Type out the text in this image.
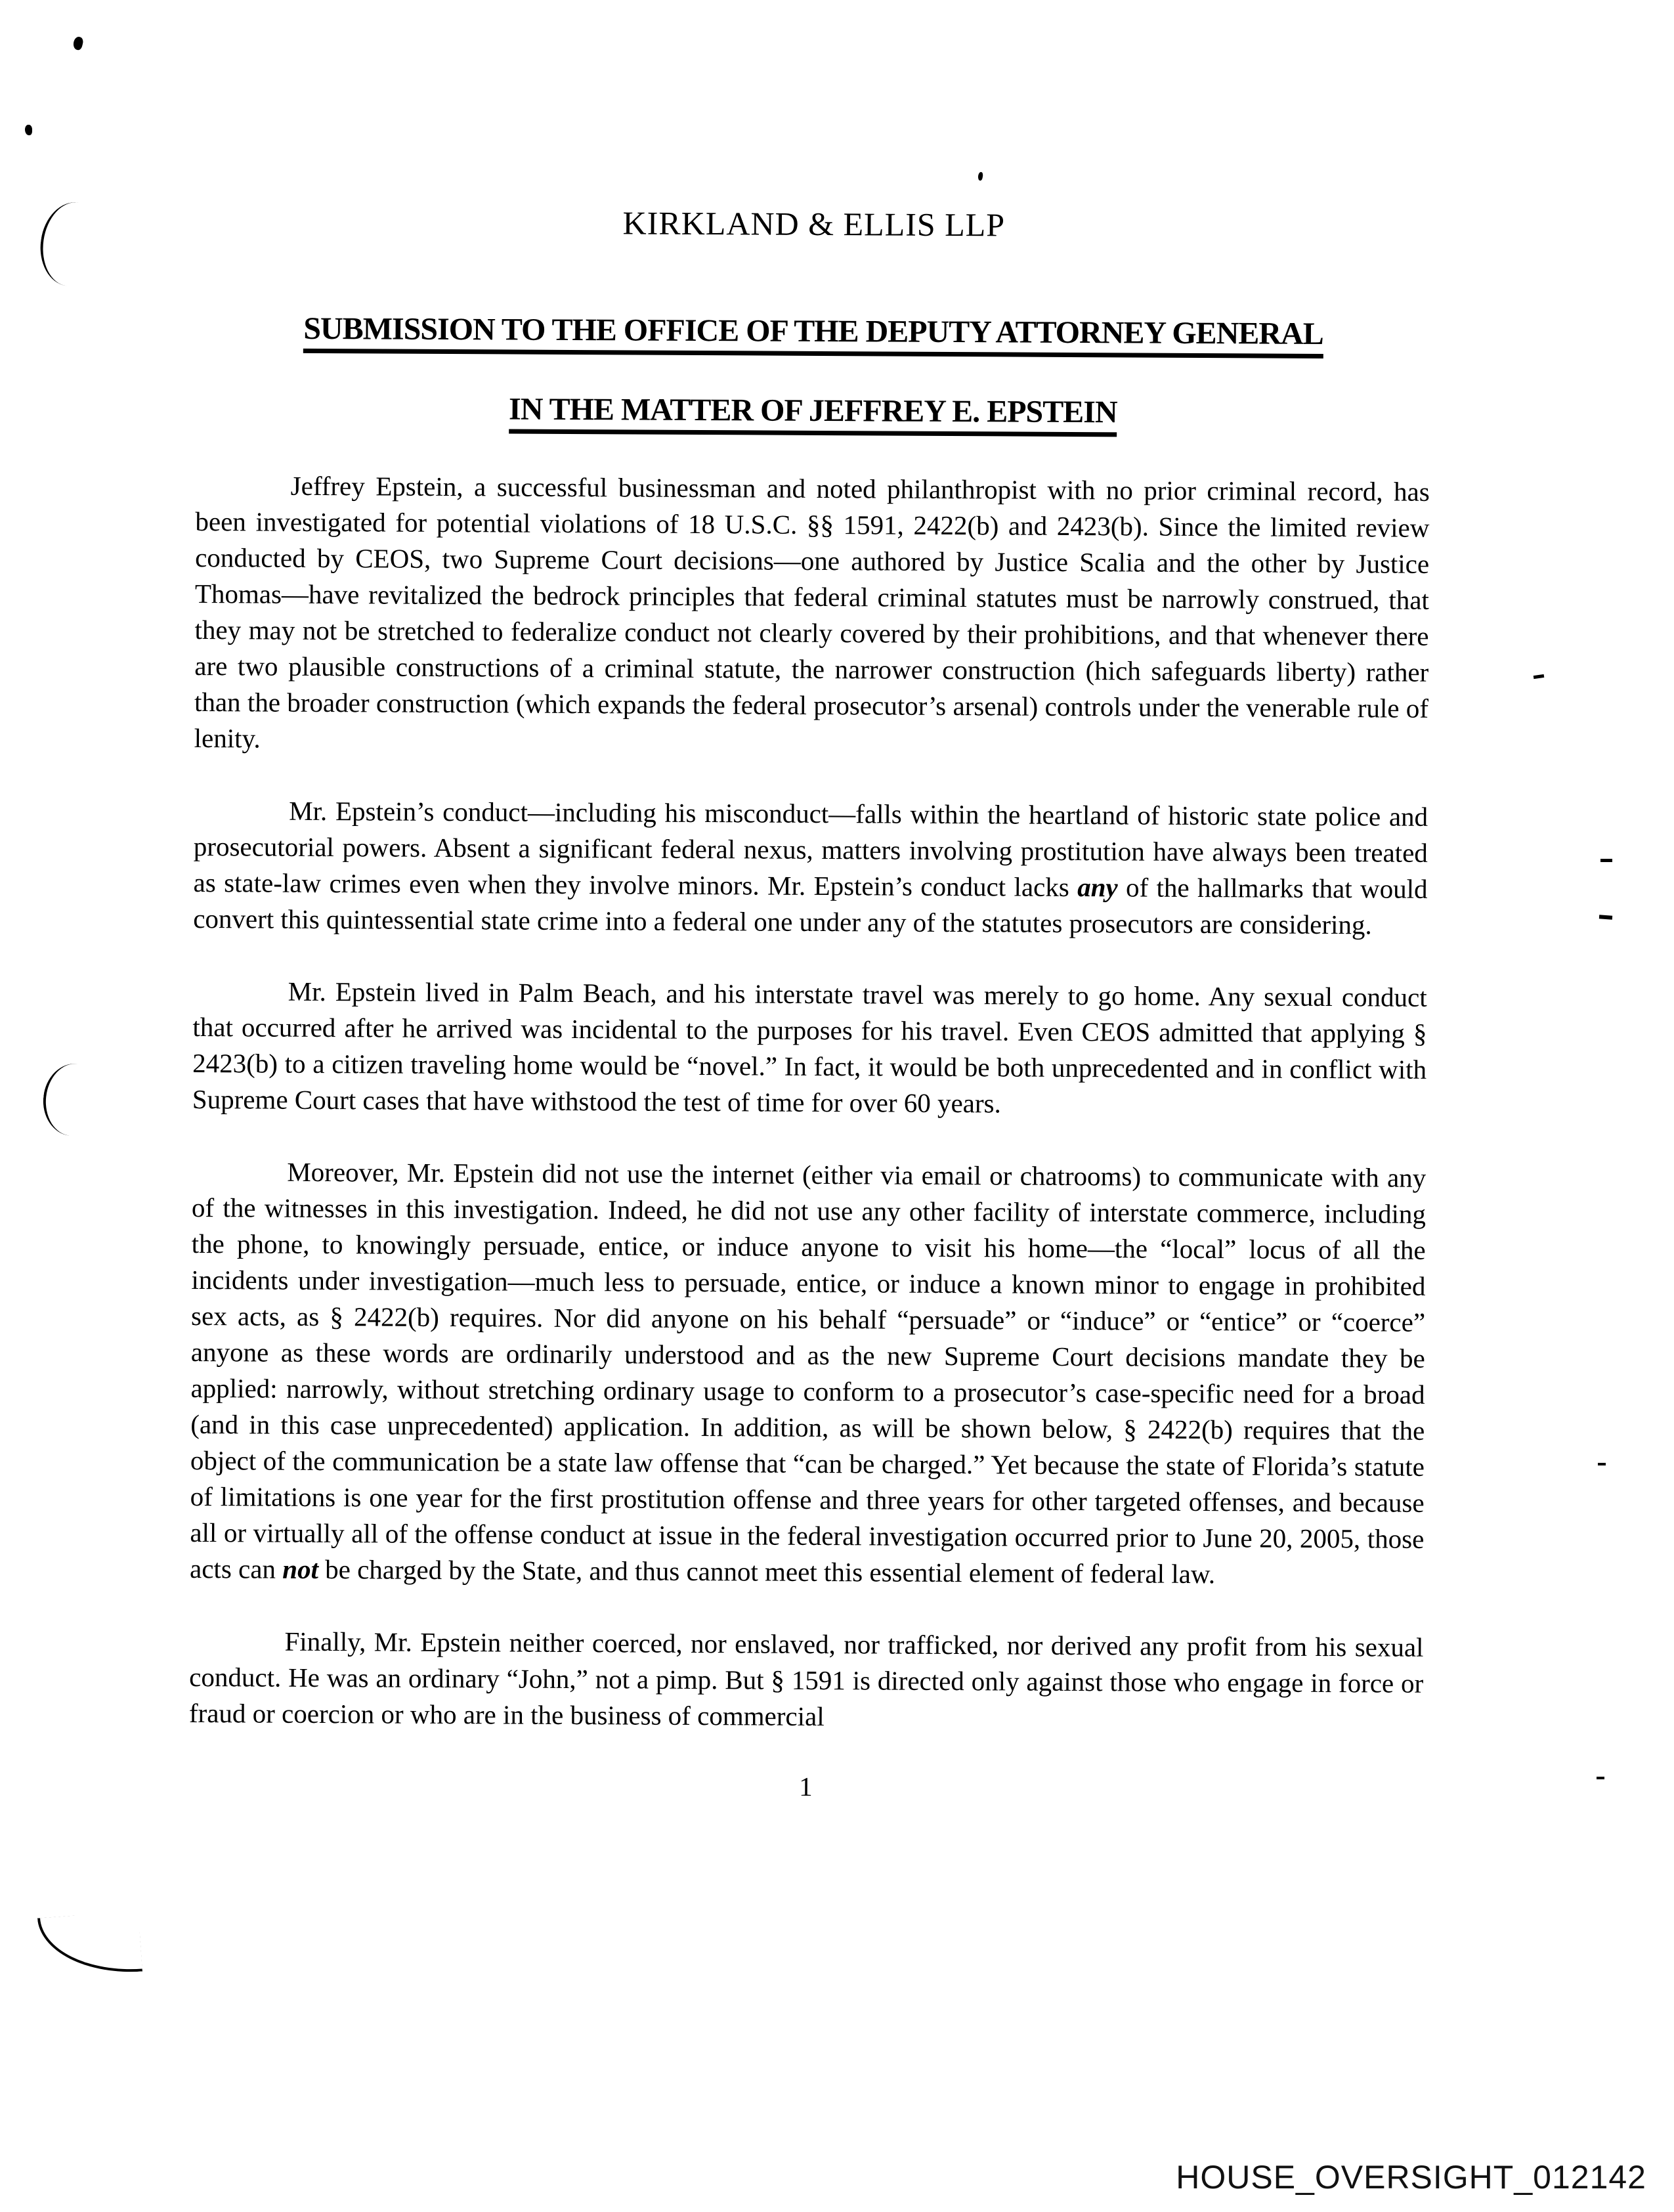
KIRKLAND & ELLIS LLP
SUBMISSION TO THE OFFICE OF THE DEPUTY ATTORNEY GENERAL
IN THE MATTER OF JEFFREY E. EPSTEIN

Jeffrey Epstein, a successful businessman and noted philanthropist with no prior criminal record, has been investigated for potential violations of 18 U.S.C. §§ 1591, 2422(b) and 2423(b). Since the limited review conducted by CEOS, two Supreme Court decisions—one authored by Justice Scalia and the other by Justice Thomas—have revitalized the bedrock principles that federal criminal statutes must be narrowly construed, that they may not be stretched to federalize conduct not clearly covered by their prohibitions, and that whenever there are two plausible constructions of a criminal statute, the narrower construction (hich safeguards liberty) rather than the broader construction (which expands the federal prosecutor’s arsenal) controls under the venerable rule of lenity.

Mr. Epstein’s conduct—including his misconduct—falls within the heartland of historic state police and prosecutorial powers. Absent a significant federal nexus, matters involving prostitution have always been treated as state-law crimes even when they involve minors. Mr. Epstein’s conduct lacks any of the hallmarks that would convert this quintessential state crime into a federal one under any of the statutes prosecutors are considering.

Mr. Epstein lived in Palm Beach, and his interstate travel was merely to go home. Any sexual conduct that occurred after he arrived was incidental to the purposes for his travel. Even CEOS admitted that applying § 2423(b) to a citizen traveling home would be “novel.” In fact, it would be both unprecedented and in conflict with Supreme Court cases that have withstood the test of time for over 60 years.

Moreover, Mr. Epstein did not use the internet (either via email or chatrooms) to communicate with any of the witnesses in this investigation. Indeed, he did not use any other facility of interstate commerce, including the phone, to knowingly persuade, entice, or induce anyone to visit his home—the “local” locus of all the incidents under investigation—much less to persuade, entice, or induce a known minor to engage in prohibited sex acts, as § 2422(b) requires. Nor did anyone on his behalf “persuade” or “induce” or “entice” or “coerce” anyone as these words are ordinarily understood and as the new Supreme Court decisions mandate they be applied: narrowly, without stretching ordinary usage to conform to a prosecutor’s case-specific need for a broad (and in this case unprecedented) application. In addition, as will be shown below, § 2422(b) requires that the object of the communication be a state law offense that “can be charged.” Yet because the state of Florida’s statute of limitations is one year for the first prostitution offense and three years for other targeted offenses, and because all or virtually all of the offense conduct at issue in the federal investigation occurred prior to June 20, 2005, those acts can not be charged by the State, and thus cannot meet this essential element of federal law.

Finally, Mr. Epstein neither coerced, nor enslaved, nor trafficked, nor derived any profit from his sexual conduct. He was an ordinary “John,” not a pimp. But § 1591 is directed only against those who engage in force or fraud or coercion or who are in the business of commercial

1
HOUSE_OVERSIGHT_012142
